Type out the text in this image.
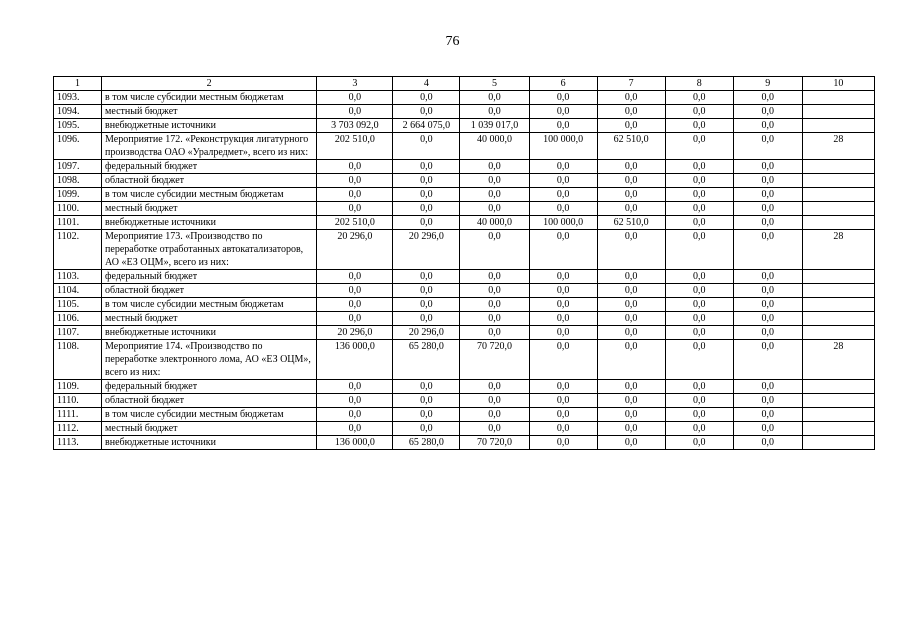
76
1	2	3	4	5	6	7	8	9	10
1093.	в том числе субсидии местным бюджетам	0,0	0,0	0,0	0,0	0,0	0,0	0,0	
1094.	местный бюджет	0,0	0,0	0,0	0,0	0,0	0,0	0,0	
1095.	внебюджетные источники	3 703 092,0	2 664 075,0	1 039 017,0	0,0	0,0	0,0	0,0	
1096.	Мероприятие 172. «Реконструкция лигатурного производства ОАО «Уралредмет», всего из них:	202 510,0	0,0	40 000,0	100 000,0	62 510,0	0,0	0,0	28
1097.	федеральный бюджет	0,0	0,0	0,0	0,0	0,0	0,0	0,0	
1098.	областной бюджет	0,0	0,0	0,0	0,0	0,0	0,0	0,0	
1099.	в том числе субсидии местным бюджетам	0,0	0,0	0,0	0,0	0,0	0,0	0,0	
1100.	местный бюджет	0,0	0,0	0,0	0,0	0,0	0,0	0,0	
1101.	внебюджетные источники	202 510,0	0,0	40 000,0	100 000,0	62 510,0	0,0	0,0	
1102.	Мероприятие 173. «Производство по переработке отработанных автокатализаторов, АО «ЕЗ ОЦМ», всего из них:	20 296,0	20 296,0	0,0	0,0	0,0	0,0	0,0	28
1103.	федеральный бюджет	0,0	0,0	0,0	0,0	0,0	0,0	0,0	
1104.	областной бюджет	0,0	0,0	0,0	0,0	0,0	0,0	0,0	
1105.	в том числе субсидии местным бюджетам	0,0	0,0	0,0	0,0	0,0	0,0	0,0	
1106.	местный бюджет	0,0	0,0	0,0	0,0	0,0	0,0	0,0	
1107.	внебюджетные источники	20 296,0	20 296,0	0,0	0,0	0,0	0,0	0,0	
1108.	Мероприятие 174. «Производство по переработке электронного лома, АО «ЕЗ ОЦМ», всего из них:	136 000,0	65 280,0	70 720,0	0,0	0,0	0,0	0,0	28
1109.	федеральный бюджет	0,0	0,0	0,0	0,0	0,0	0,0	0,0	
1110.	областной бюджет	0,0	0,0	0,0	0,0	0,0	0,0	0,0	
1111.	в том числе субсидии местным бюджетам	0,0	0,0	0,0	0,0	0,0	0,0	0,0	
1112.	местный бюджет	0,0	0,0	0,0	0,0	0,0	0,0	0,0	
1113.	внебюджетные источники	136 000,0	65 280,0	70 720,0	0,0	0,0	0,0	0,0	
